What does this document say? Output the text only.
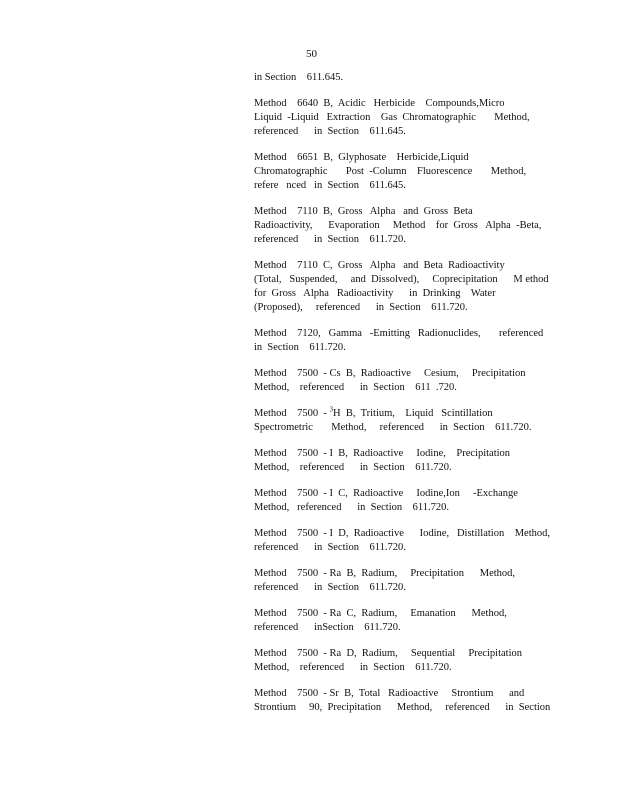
50
in Section    611.645.
Method    6640  B,  Acidic   Herbicide    Compounds,Micro
Liquid  -Liquid   Extraction    Gas  Chromatographic       Method,
referenced      in  Section    611.645.
Method    6651  B,  Glyphosate    Herbicide,Liquid
Chromatographic       Post  -Column    Fluorescence       Method,
refere   nced   in  Section    611.645.
Method    7110  B,  Gross   Alpha   and  Gross  Beta
Radioactivity,      Evaporation     Method    for  Gross   Alpha  -Beta,
referenced      in  Section    611.720.
Method    7110  C,  Gross   Alpha   and  Beta  Radioactivity
(Total,   Suspended,     and  Dissolved),     Coprecipitation      M ethod
for  Gross   Alpha   Radioactivity      in  Drinking    Water
(Proposed),     referenced      in  Section    611.720.
Method    7120,   Gamma   -Emitting   Radionuclides,       referenced
in  Section    611.720.
Method    7500  - Cs  B,  Radioactive     Cesium,     Precipitation
Method,    referenced      in  Section    611  .720.
Method    7500  - $^3$H  B,  Tritium,    Liquid   Scintillation
Spectrometric       Method,     referenced      in  Section    611.720.
Method    7500  - I  B,  Radioactive     Iodine,    Precipitation
Method,    referenced      in  Section    611.720.
Method    7500  - I  C,  Radioactive     Iodine,Ion     -Exchange
Method,   referenced      in  Section    611.720.
Method    7500  - I  D,  Radioactive      Iodine,   Distillation    Method,
referenced      in  Section    611.720.
Method    7500  - Ra  B,  Radium,     Precipitation      Method,
referenced      in  Section    611.720.
Method    7500  - Ra  C,  Radium,     Emanation      Method,
referenced      inSection    611.720.
Method    7500  - Ra  D,  Radium,     Sequential     Precipitation
Method,    referenced      in  Section    611.720.
Method    7500  - Sr  B,  Total   Radioactive     Strontium      and
Strontium     90,  Precipitation      Method,     referenced      in  Section
